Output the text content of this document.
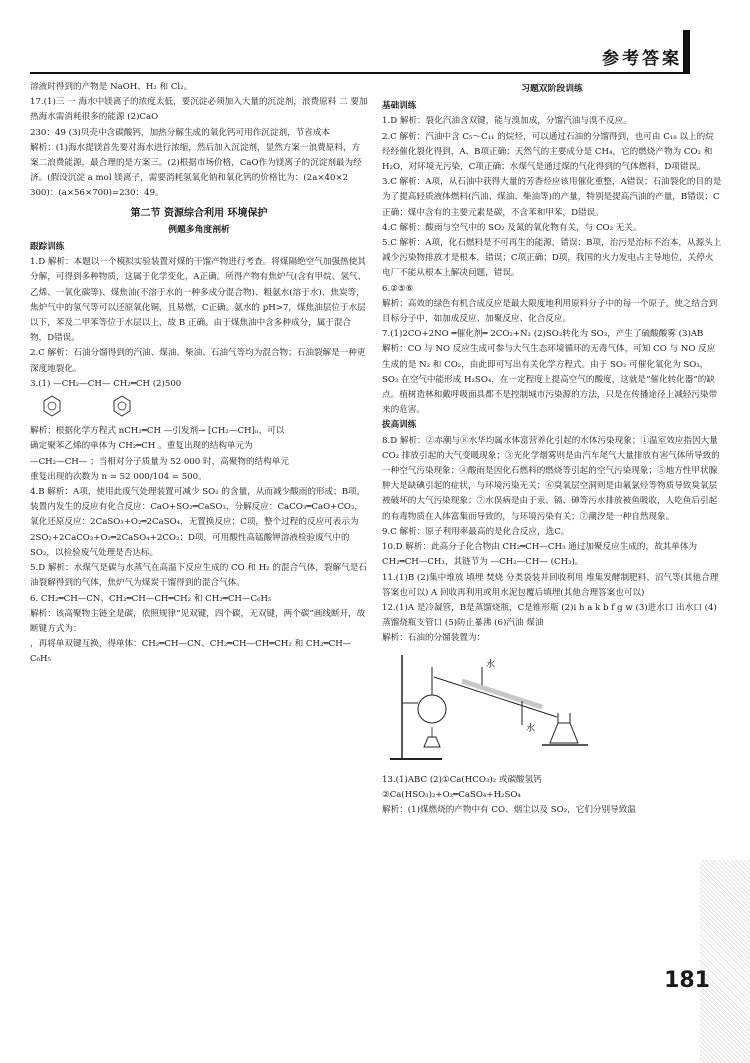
参考答案

溶液时得到的产物是 NaOH、H₂ 和 Cl₂。

17.(1)三 一 海水中镁离子的浓度太低，要沉淀必须加入大量的沉淀剂，浪费原料 二 要加热海水需消耗很多的能源 (2)CaO

230：49 (3)贝壳中含碳酸钙，加热分解生成的氧化钙可用作沉淀剂，节省成本

解析：(1)海水提镁首先要对海水进行浓缩，然后加入沉淀剂，显然方案一浪费原料，方案二浪费能源，最合理的是方案三。(2)根据市场价格，CaO作为镁离子的沉淀剂最为经济。(假设沉淀 a mol 镁离子，需要消耗氢氧化钠和氧化钙的价格比为：(2a×40×2 300)：(a×56×700)=230：49。

第二节 资源综合利用 环境保护
例题多角度剖析

跟踪训练

1.D 解析：本题以一个模拟实验装置对煤的干馏产物进行考查。将煤隔绝空气加强热使其分解，可得到多种物质，这属于化学变化，A正确。所得产物有焦炉气(含有甲烷、氢气、乙烯、一氧化碳等)、煤焦油(不溶于水的一种多成分混合物)、粗氨水(溶于水)、焦炭等，焦炉气中的氢气等可以还原氧化铜，且易燃，C正确。氨水的 pH>7，煤焦油层位于水层以下，苯及二甲苯等位于水层以上，故 B 正确。由于煤焦油中含多种成分，属于混合物，D错误。

2.C 解析：石油分馏得到的汽油、煤油、柴油、石油气等均为混合物；石油裂解是一种更深度地裂化。

3.(1) —CH₂—CH— CH₂═CH (2)500

解析：根据化学方程式 nCH₂═CH —引发剂→ [CH₂—CH]ₙ，可以

确定聚苯乙烯的单体为 CH₂═CH 。重复出现的结构单元为

—CH₂—CH— ；当相对分子质量为 52 000 时，高聚物的结构单元

重复出现的次数为 n = 52 000/104 = 500。

4.B 解析：A项，使用此废气处理装置可减少 SO₂ 的含量，从而减少酸雨的形成；B项，装置内发生的反应有化合反应：CaO+SO₂═CaSO₃，分解反应：CaCO₃═CaO+CO₂，氧化还原反应：2CaSO₃+O₂═2CaSO₄，无置换反应；C项，整个过程的反应可表示为 2SO₂+2CaCO₃+O₂═2CaSO₄+2CO₂；D项，可用酸性高锰酸钾溶液检验废气中的 SO₂，以检验废气处理是否达标。

5.D 解析：水煤气是碳与水蒸气在高温下反应生成的 CO 和 H₂ 的混合气体，裂解气是石油裂解得到的气体，焦炉气为煤炭干馏得到的混合气体。

6. CH₂═CH—CN、CH₂═CH—CH═CH₂ 和 CH₂═CH—C₆H₅

解析：该高聚物主链全是碳，依照规律“见双键，四个碳，无双键，两个碳”画线断开，故断键方式为：

，再将单双键互换，得单体：CH₂═CH—CN、CH₂═CH—CH═CH₂ 和 CH₂═CH—C₆H₅

习题双阶段训练

基础训练

1.D 解析：裂化汽油含双键，能与溴加成，分馏汽油与溴不反应。

2.C 解析：汽油中含 C₅～C₁₁ 的烷烃，可以通过石油的分馏得到，也可由 C₁₈ 以上的烷烃经催化裂化得到，A、B项正确；天然气的主要成分是 CH₄，它的燃烧产物为 CO₂ 和 H₂O，对环境无污染，C项正确；水煤气是通过煤的气化得到的气体燃料，D项错误。

3.C 解析：A项，从石油中获得大量的芳香烃应该用催化重整，A错误；石油裂化的目的是为了提高轻质液体燃料(汽油、煤油、柴油等)的产量，特别是提高汽油的产量，B错误；C正确；煤中含有的主要元素是碳，不含苯和甲苯，D错误。

4.C 解析：酸雨与空气中的 SO₂ 及氮的氧化物有关，与 CO₂ 无关。

5.C 解析：A项，化石燃料是不可再生的能源，错误；B项，治污是治标不治本，从源头上减少污染物排放才是根本，错误；C项正确；D项，我国的火力发电占主导地位，关停火电厂不能从根本上解决问题，错误。

6.②⑤⑥

解析：高效的绿色有机合成反应是最大限度地利用原料分子中的每一个原子，使之结合到目标分子中，如加成反应、加聚反应、化合反应。

7.(1)2CO+2NO ═催化剂═ 2CO₂+N₂ (2)SO₂转化为 SO₃，产生了硫酸酸雾 (3)AB

解析：CO 与 NO 反应生成可参与大气生态环境循环的无毒气体，可知 CO 与 NO 反应生成的是 N₂ 和 CO₂，由此即可写出有关化学方程式。由于 SO₂ 可催化氧化为 SO₃，SO₃ 在空气中能形成 H₂SO₄，在一定程度上提高空气的酸度，这就是“催化转化器”的缺点。植树造林和戴呼吸面具都不是控制城市污染源的方法，只是在传播途径上减轻污染带来的危害。

拔高训练

8.D 解析：②赤潮与⑧水华均属水体富营养化引起的水体污染现象；①温室效应指因大量 CO₂ 排放引起的大气变暖现象；③光化学烟雾则是由汽车尾气大量排放有害气体所导致的一种空气污染现象；④酸雨是因化石燃料的燃烧等引起的空气污染现象；⑤地方性甲状腺肿大是缺碘引起的症状，与环境污染无关；⑥臭氧层空洞则是由氟氯烃等物质导致臭氧层被破坏的大气污染现象；⑦水俣病是由于汞、镉、砷等污水排放被鱼吸收，人吃鱼后引起的有毒物质在人体富集而导致的，与环境污染有关；⑦潮汐是一种自然现象。

9.C 解析：原子利用率最高的是化合反应，选C。

10.D 解析：此高分子化合物由 CH₂═CH—CH₃ 通过加聚反应生成的，故其单体为 CH₂═CH—CH₃，其链节为 —CH₂—CH— (CH₃)。

11.(1)B (2)集中堆放 填埋 焚烧 分类袋装并回收利用 堆集发酵制肥料、沼气等(其他合理答案也可以) A 回收再利用或用水泥包覆后填埋(其他合理答案也可以)

12.(1)A 是冷凝管，B是蒸馏烧瓶，C是锥形瓶 (2)i h a k b f g w (3)进水口 出水口 (4)蒸馏烧瓶支管口 (5)防止暴沸 (6)汽油 煤油

解析：石油的分馏装置为：

水
水

13.(1)ABC (2)①Ca(HCO₃)₂ 或碳酸氢钙

②Ca(HSO₃)₂+O₂═CaSO₄+H₂SO₄

解析：(1)煤燃烧的产物中有 CO、烟尘以及 SO₂，它们分别导致温

181
